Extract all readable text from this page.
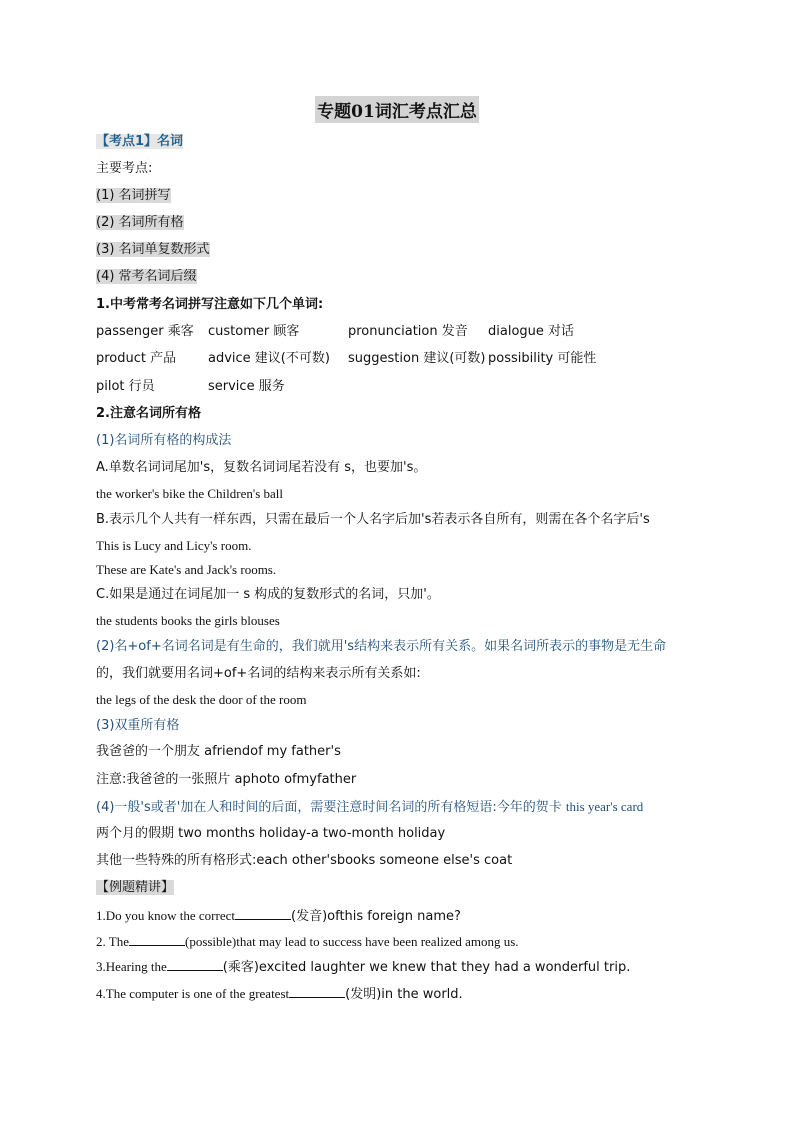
专题01词汇考点汇总
【考点1】名词
主要考点:
(1) 名词拼写
(2) 名词所有格
(3) 名词单复数形式
(4) 常考名词后缀
1.中考常考名词拼写注意如下几个单词:
passenger 乘客 customer 顾客	pronunciation 发音 dialogue 对话
product 产品 advice 建议(不可数) suggestion 建议(可数) possibility 可能性
pilot 行员	service 服务
2.注意名词所有格
(1)名词所有格的构成法
A.单数名词词尾加's，复数名词词尾若没有 s，也要加's。
the worker's bike the Children's ball
B.表示几个人共有一样东西，只需在最后一个人名字后加's若表示各自所有，则需在各个名字后's
This is Lucy and Licy's room.
These are Kate's and Jack's rooms.
C.如果是通过在词尾加一 s 构成的复数形式的名词，只加'。
the students books the girls blouses
(2)名+of+名词名词是有生命的，我们就用's结构来表示所有关系。如果名词所表示的事物是无生命
的，我们就要用名词+of+名词的结构来表示所有关系如:
the legs of the desk the door of the room
(3)双重所有格
我爸爸的一个朋友 afriendof my father's
注意:我爸爸的一张照片 aphoto ofmyfather
(4)一般's或者'加在人和时间的后面，需要注意时间名词的所有格短语:今年的贺卡 this year's card
两个月的假期 two months holiday-a two-month holiday
其他一些特殊的所有格形式:each other'sbooks someone else's coat
【例题精讲】
1.Do you know the correct	(发音)ofthis foreign name?
2. The	(possible)that may lead to success have been realized among us.
3.Hearing the	(乘客)excited laughter we knew that they had a wonderful trip.
4.The computer is one of the greatest	(发明)in the world.
